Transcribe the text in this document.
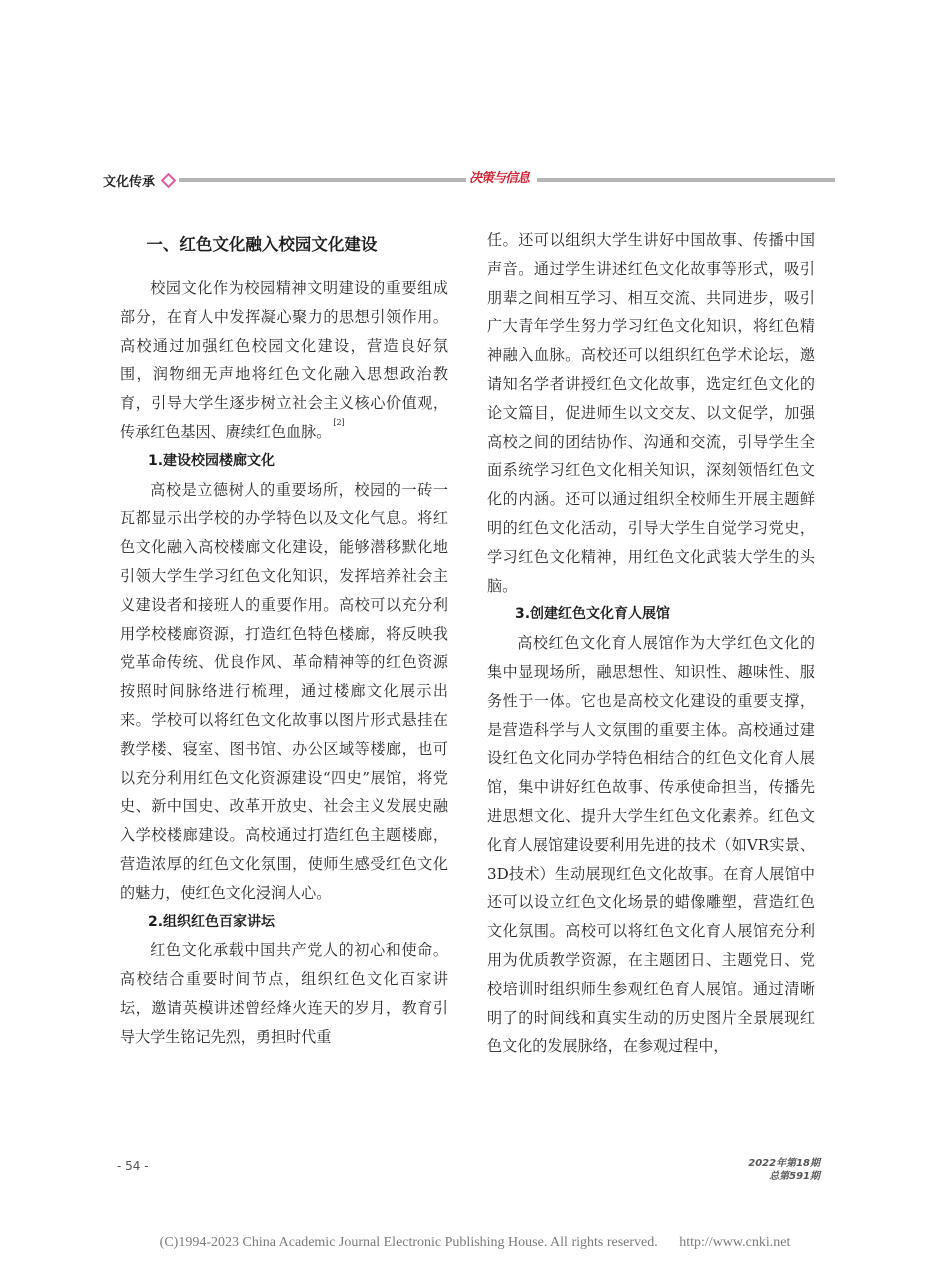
文化传承	决策与信息
一、红色文化融入校园文化建设

校园文化作为校园精神文明建设的重要组成部分，在育人中发挥凝心聚力的思想引领作用。高校通过加强红色校园文化建设，营造良好氛围，润物细无声地将红色文化融入思想政治教育，引导大学生逐步树立社会主义核心价值观，传承红色基因、赓续红色血脉。[2]

1.建设校园楼廊文化

高校是立德树人的重要场所，校园的一砖一瓦都显示出学校的办学特色以及文化气息。将红色文化融入高校楼廊文化建设，能够潜移默化地引领大学生学习红色文化知识，发挥培养社会主义建设者和接班人的重要作用。高校可以充分利用学校楼廊资源，打造红色特色楼廊，将反映我党革命传统、优良作风、革命精神等的红色资源按照时间脉络进行梳理，通过楼廊文化展示出来。学校可以将红色文化故事以图片形式悬挂在教学楼、寝室、图书馆、办公区域等楼廊，也可以充分利用红色文化资源建设“四史”展馆，将党史、新中国史、改革开放史、社会主义发展史融入学校楼廊建设。高校通过打造红色主题楼廊，营造浓厚的红色文化氛围，使师生感受红色文化的魅力，使红色文化浸润人心。

2.组织红色百家讲坛

红色文化承载中国共产党人的初心和使命。高校结合重要时间节点，组织红色文化百家讲坛，邀请英模讲述曾经烽火连天的岁月，教育引导大学生铭记先烈，勇担时代重

任。还可以组织大学生讲好中国故事、传播中国声音。通过学生讲述红色文化故事等形式，吸引朋辈之间相互学习、相互交流、共同进步，吸引广大青年学生努力学习红色文化知识，将红色精神融入血脉。高校还可以组织红色学术论坛，邀请知名学者讲授红色文化故事，选定红色文化的论文篇目，促进师生以文交友、以文促学，加强高校之间的团结协作、沟通和交流，引导学生全面系统学习红色文化相关知识，深刻领悟红色文化的内涵。还可以通过组织全校师生开展主题鲜明的红色文化活动，引导大学生自觉学习党史，学习红色文化精神，用红色文化武装大学生的头脑。

3.创建红色文化育人展馆

高校红色文化育人展馆作为大学红色文化的集中显现场所，融思想性、知识性、趣味性、服务性于一体。它也是高校文化建设的重要支撑，是营造科学与人文氛围的重要主体。高校通过建设红色文化同办学特色相结合的红色文化育人展馆，集中讲好红色故事、传承使命担当，传播先进思想文化、提升大学生红色文化素养。红色文化育人展馆建设要利用先进的技术（如VR实景、3D技术）生动展现红色文化故事。在育人展馆中还可以设立红色文化场景的蜡像雕塑，营造红色文化氛围。高校可以将红色文化育人展馆充分利用为优质教学资源，在主题团日、主题党日、党校培训时组织师生参观红色育人展馆。通过清晰明了的时间线和真实生动的历史图片全景展现红色文化的发展脉络，在参观过程中，

- 54 -	2022年第18期
总第591期
(C)1994-2023 China Academic Journal Electronic Publishing House. All rights reserved. http://www.cnki.net
